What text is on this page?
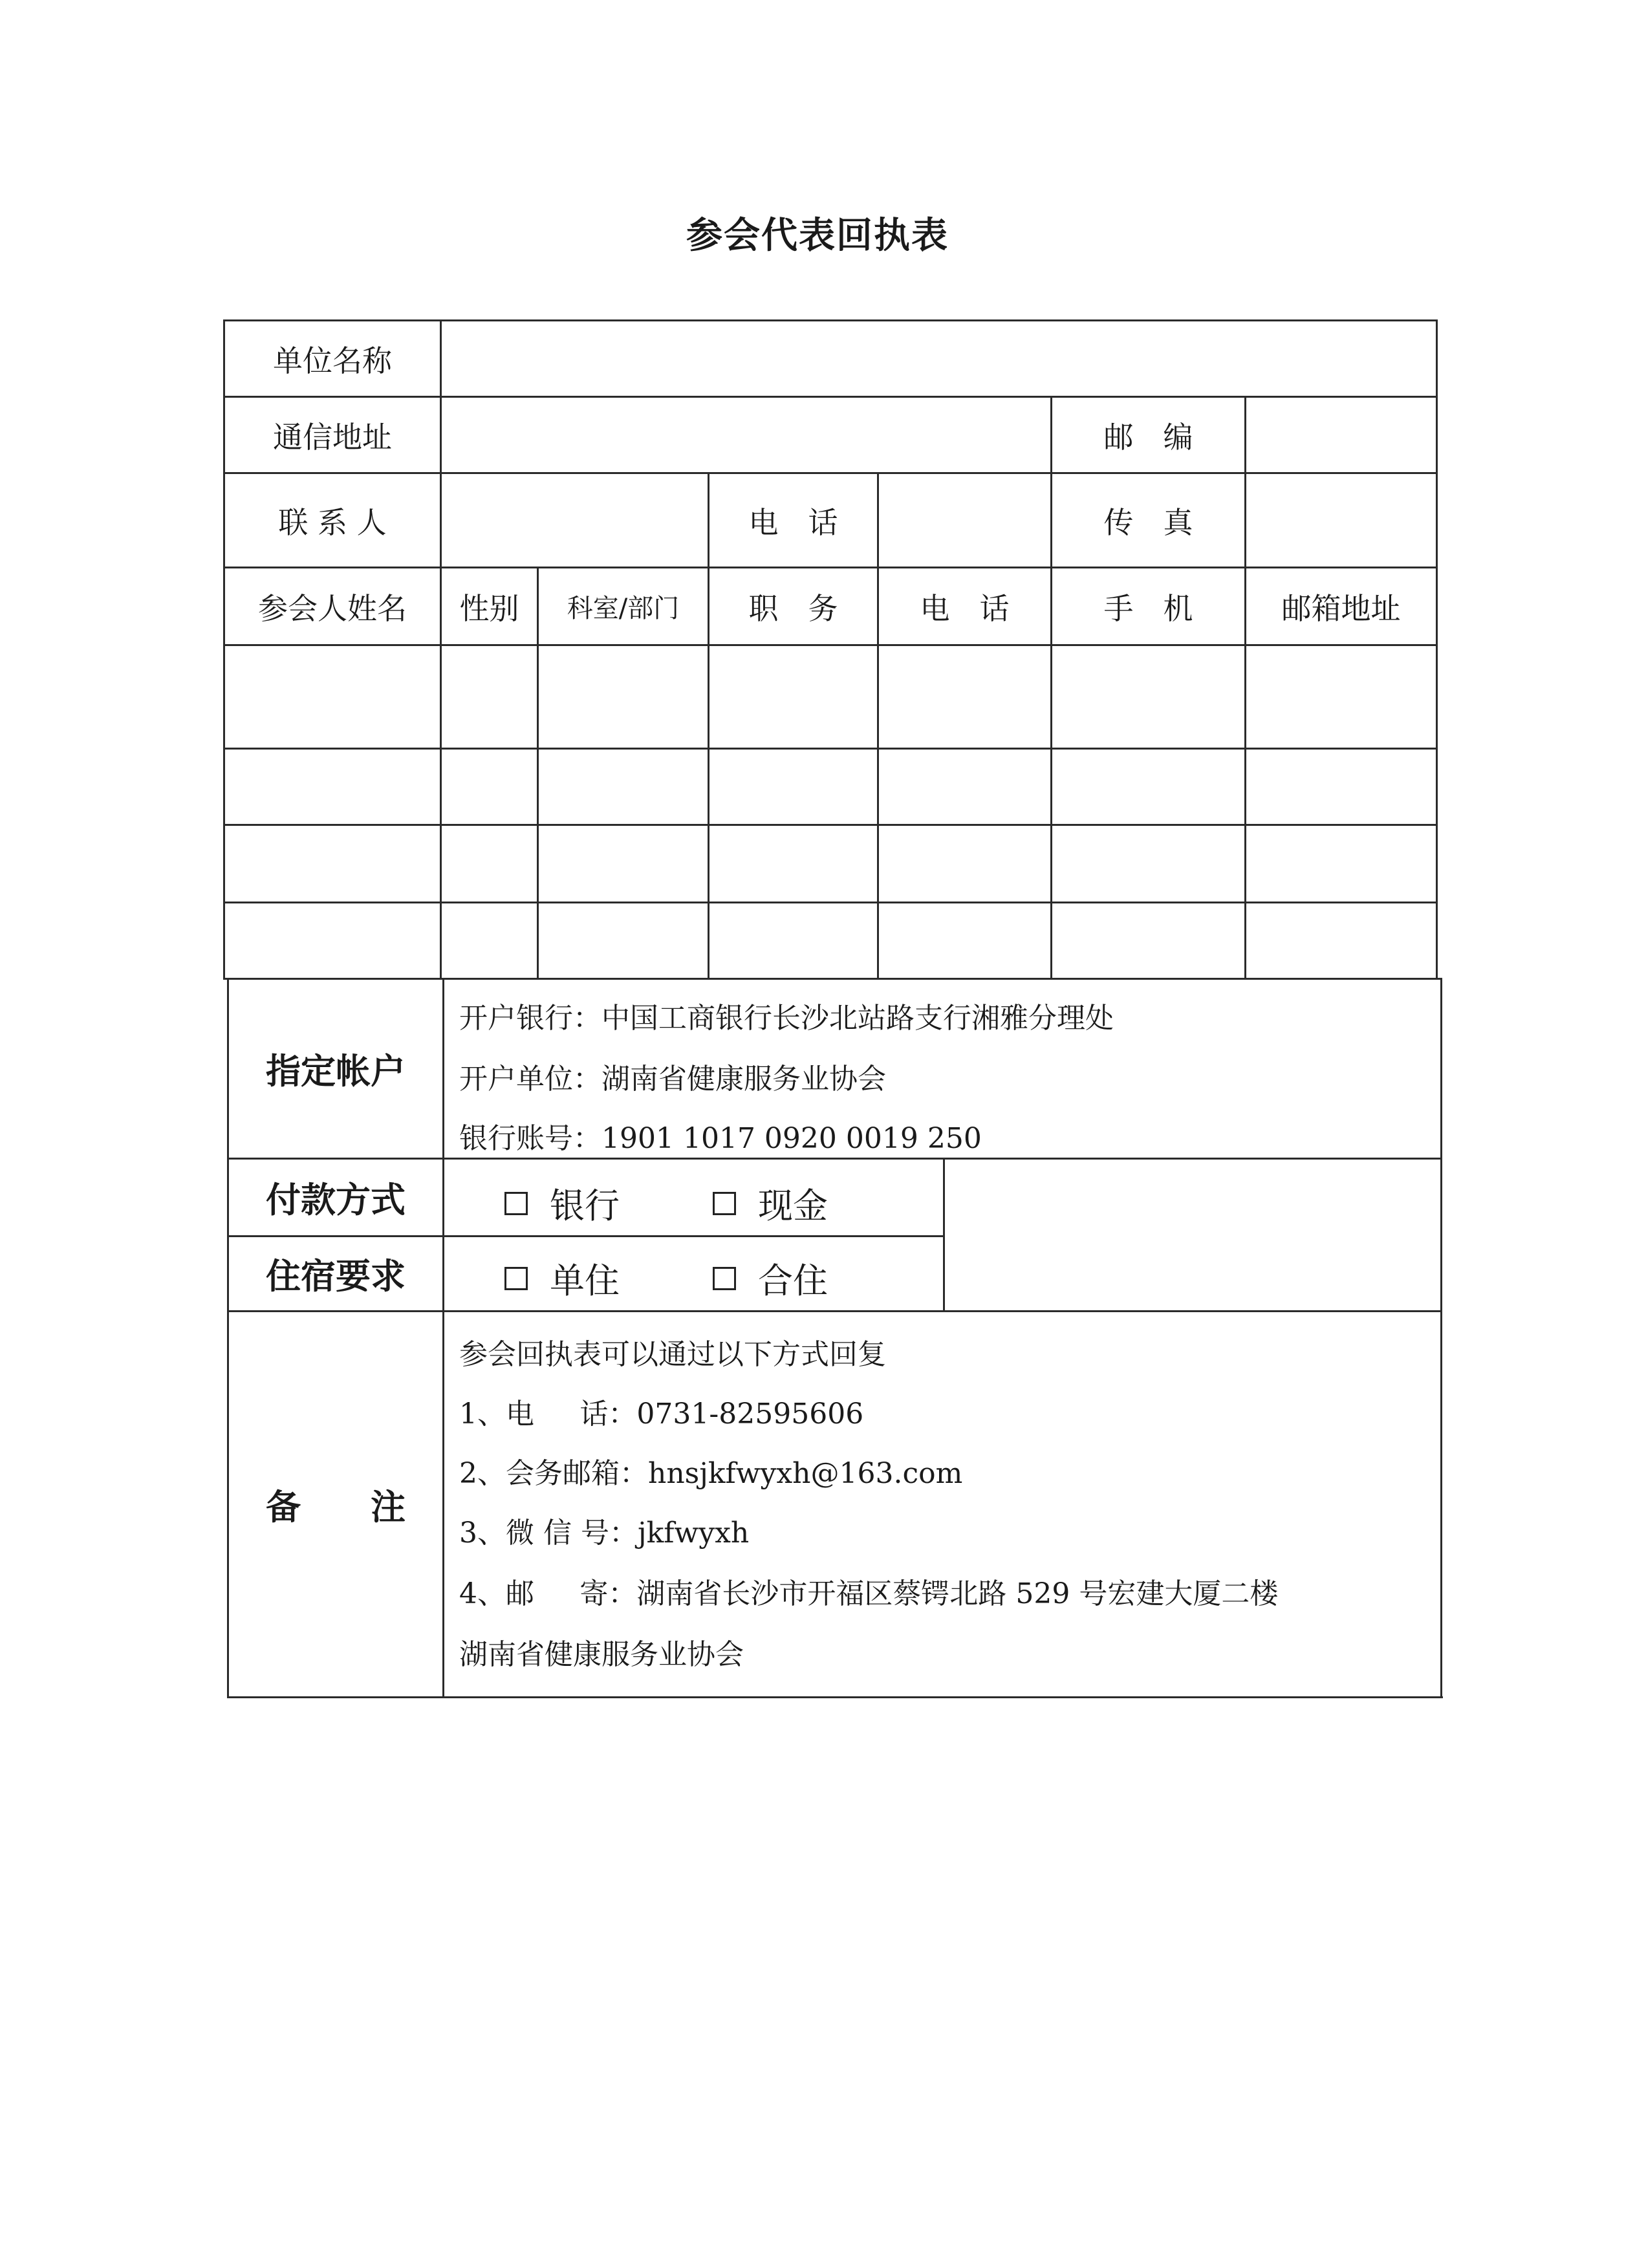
参会代表回执表
单位名称
通信地址	邮　编
联 系 人	电　话	传　真
参会人姓名	性别	科室/部门	职　务	电　话	手　机	邮箱地址
指定帐户
开户银行：中国工商银行长沙北站路支行湘雅分理处
开户单位：湖南省健康服务业协会
银行账号：1901 1017 0920 0019 250
付款方式	银行	现金
住宿要求	单住	合住
备　　注
参会回执表可以通过以下方式回复
1、电 话：0731-82595606
2、会务邮箱：hnsjkfwyxh@163.com
3、微 信 号：jkfwyxh
4、邮 寄：湖南省长沙市开福区蔡锷北路 529 号宏建大厦二楼
湖南省健康服务业协会
